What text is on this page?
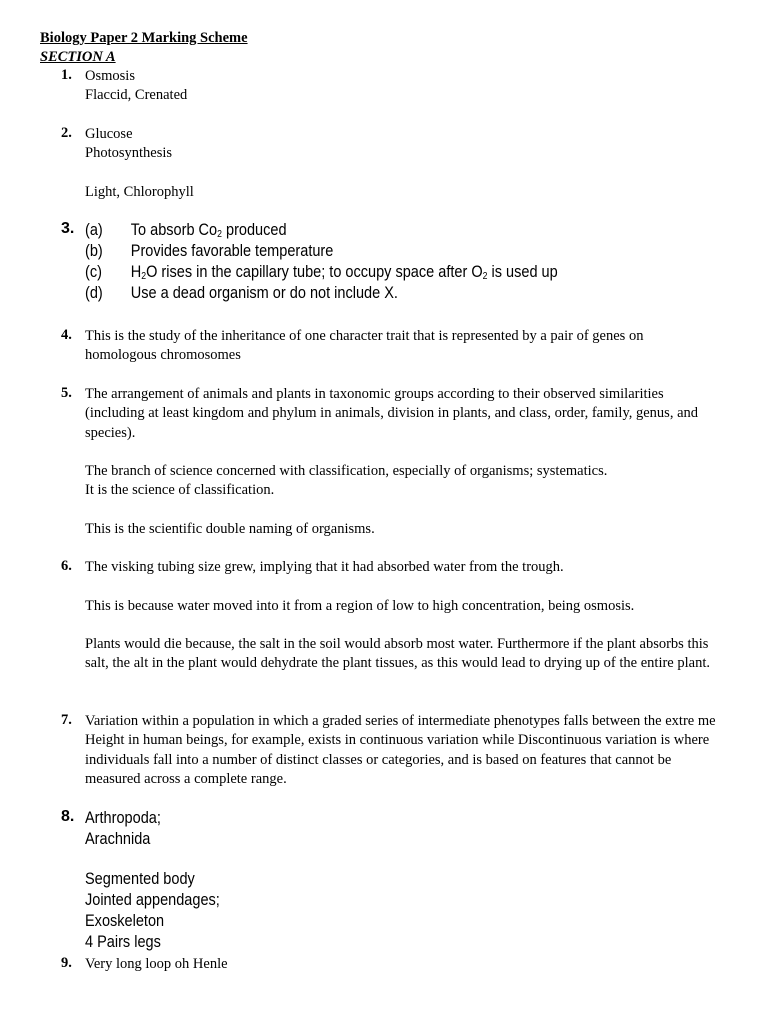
Biology Paper 2 Marking Scheme
SECTION A
1. Osmosis
Flaccid, Crenated
2. Glucose
Photosynthesis
Light, Chlorophyll
3. (a) To absorb $Co_2$ produced
(b) Provides favorable temperature
(c) $H_2O$ rises in the capillary tube; to occupy space after $O_2$ is used up
(d) Use a dead organism or do not include X.
4. This is the study of the inheritance of one character trait that is represented by a pair of genes on homologous chromosomes
5. The arrangement of animals and plants in taxonomic groups according to their observed similarities (including at least kingdom and phylum in animals, division in plants, and class, order, family, genus, and species).
The branch of science concerned with classification, especially of organisms; systematics.
It is the science of classification.
This is the scientific double naming of organisms.
6. The visking tubing size grew, implying that it had absorbed water from the trough.
This is because water moved into it from a region of low to high concentration, being osmosis.
Plants would die because, the salt in the soil would absorb most water. Furthermore if the plant absorbs this salt, the alt in the plant would dehydrate the plant tissues, as this would lead to drying up of the entire plant.
7. Variation within a population in which a graded series of intermediate phenotypes falls between the extre me Height in human beings, for example, exists in continuous variation while Discontinuous variation is where individuals fall into a number of distinct classes or categories, and is based on features that cannot be measured across a complete range.
8. Arthropoda;
Arachnida
Segmented body
Jointed appendages;
Exoskeleton
4 Pairs legs
9. Very long loop oh Henle
